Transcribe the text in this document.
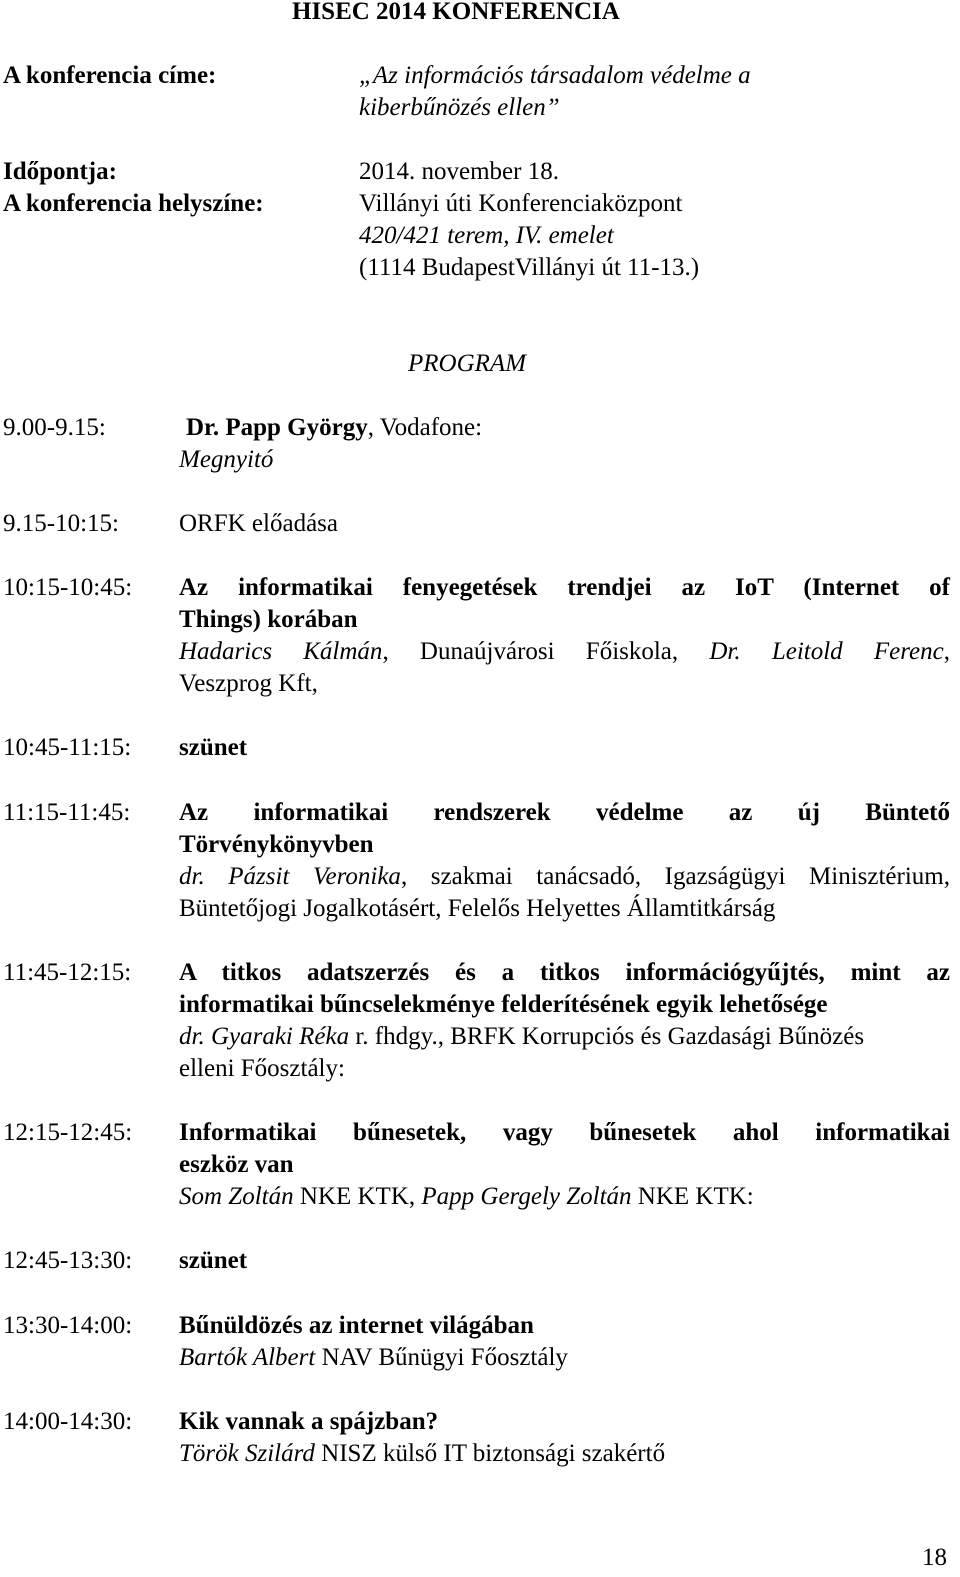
HISEC 2014 KONFERENCIA
A konferencia címe:	„Az információs társadalom védelme a
kiberbűnözés ellen”
Időpontja:	2014. november 18.
A konferencia helyszíne:	Villányi úti Konferenciaközpont
420/421 terem, IV. emelet
(1114 BudapestVillányi út 11-13.)
PROGRAM
9.00-9.15:	Dr. Papp György, Vodafone:
Megnyitó
9.15-10:15: ORFK előadása
10:15-10:45: Az informatikai fenyegetések trendjei az IoT (Internet of
Things) korában
Hadarics Kálmán, Dunaújvárosi Főiskola, Dr. Leitold Ferenc,
Veszprog Kft,
10:45-11:15: szünet
11:15-11:45: Az informatikai rendszerek védelme az új Büntető
Törvénykönyvben
dr. Pázsit Veronika, szakmai tanácsadó, Igazságügyi Minisztérium,
Büntetőjogi Jogalkotásért, Felelős Helyettes Államtitkárság
11:45-12:15: A titkos adatszerzés és a titkos információgyűjtés, mint az
informatikai bűncselekménye felderítésének egyik lehetősége
dr. Gyaraki Réka r. fhdgy., BRFK Korrupciós és Gazdasági Bűnözés
elleni Főosztály:
12:15-12:45: Informatikai bűnesetek, vagy bűnesetek ahol informatikai
eszköz van
Som Zoltán NKE KTK, Papp Gergely Zoltán NKE KTK:
12:45-13:30: szünet
13:30-14:00: Bűnüldözés az internet világában
Bartók Albert NAV Bűnügyi Főosztály
14:00-14:30: Kik vannak a spájzban?
Török Szilárd NISZ külső IT biztonsági szakértő
18
